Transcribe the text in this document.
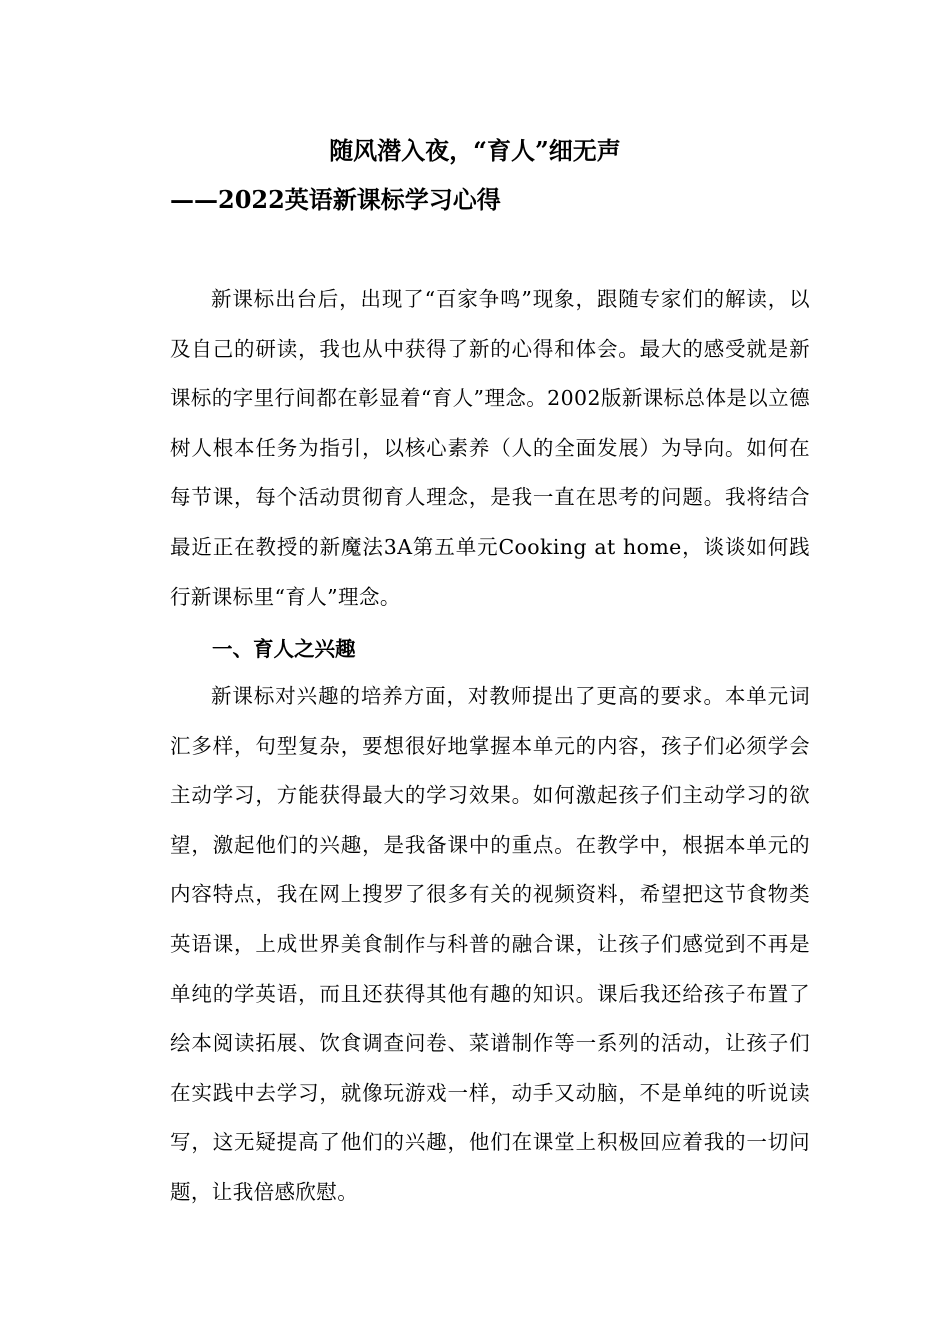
随风潜入夜，“育人”细无声
——2022英语新课标学习心得
新课标出台后，出现了“百家争鸣”现象，跟随专家们的解读，以及自己的研读，我也从中获得了新的心得和体会。最大的感受就是新课标的字里行间都在彰显着“育人”理念。2002版新课标总体是以立德树人根本任务为指引，以核心素养（人的全面发展）为导向。如何在每节课，每个活动贯彻育人理念，是我一直在思考的问题。我将结合最近正在教授的新魔法3A第五单元Cooking at home，谈谈如何践行新课标里“育人”理念。
一、育人之兴趣
新课标对兴趣的培养方面，对教师提出了更高的要求。本单元词汇多样，句型复杂，要想很好地掌握本单元的内容，孩子们必须学会主动学习，方能获得最大的学习效果。如何激起孩子们主动学习的欲望，激起他们的兴趣，是我备课中的重点。在教学中，根据本单元的内容特点，我在网上搜罗了很多有关的视频资料，希望把这节食物类英语课，上成世界美食制作与科普的融合课，让孩子们感觉到不再是单纯的学英语，而且还获得其他有趣的知识。课后我还给孩子布置了绘本阅读拓展、饮食调查问卷、菜谱制作等一系列的活动，让孩子们在实践中去学习，就像玩游戏一样，动手又动脑，不是单纯的听说读写，这无疑提高了他们的兴趣，他们在课堂上积极回应着我的一切问题，让我倍感欣慰。
